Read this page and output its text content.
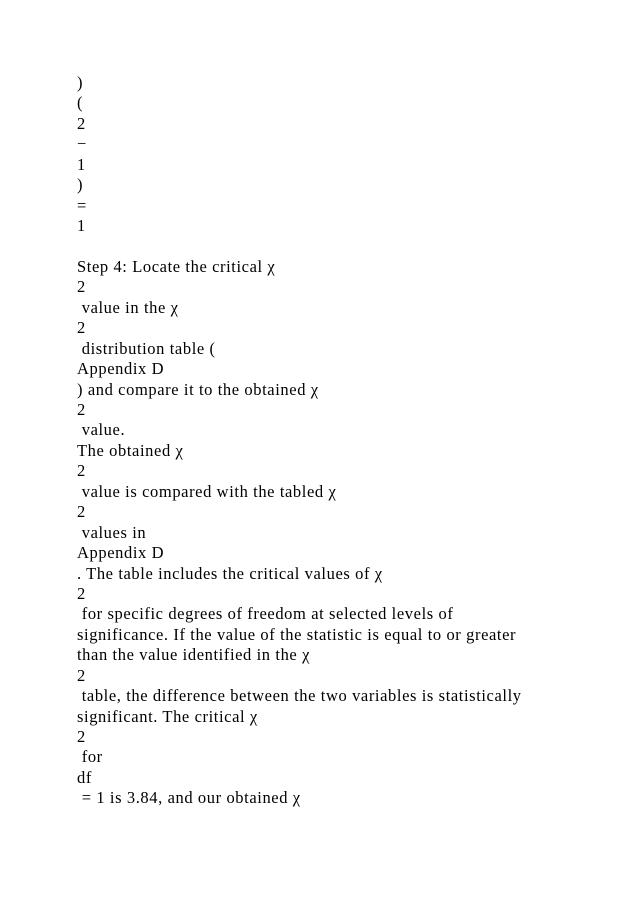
)
(
2
−
1
)
=
1
Step 4: Locate the critical χ
2
value in the χ
2
distribution table (
Appendix D
) and compare it to the obtained χ
2
value.
The obtained χ
2
value is compared with the tabled χ
2
values in
Appendix D
. The table includes the critical values of χ
2
for specific degrees of freedom at selected levels of
significance. If the value of the statistic is equal to or greater
than the value identified in the χ
2
table, the difference between the two variables is statistically
significant. The critical χ
2
for
df
= 1 is 3.84, and our obtained χ
